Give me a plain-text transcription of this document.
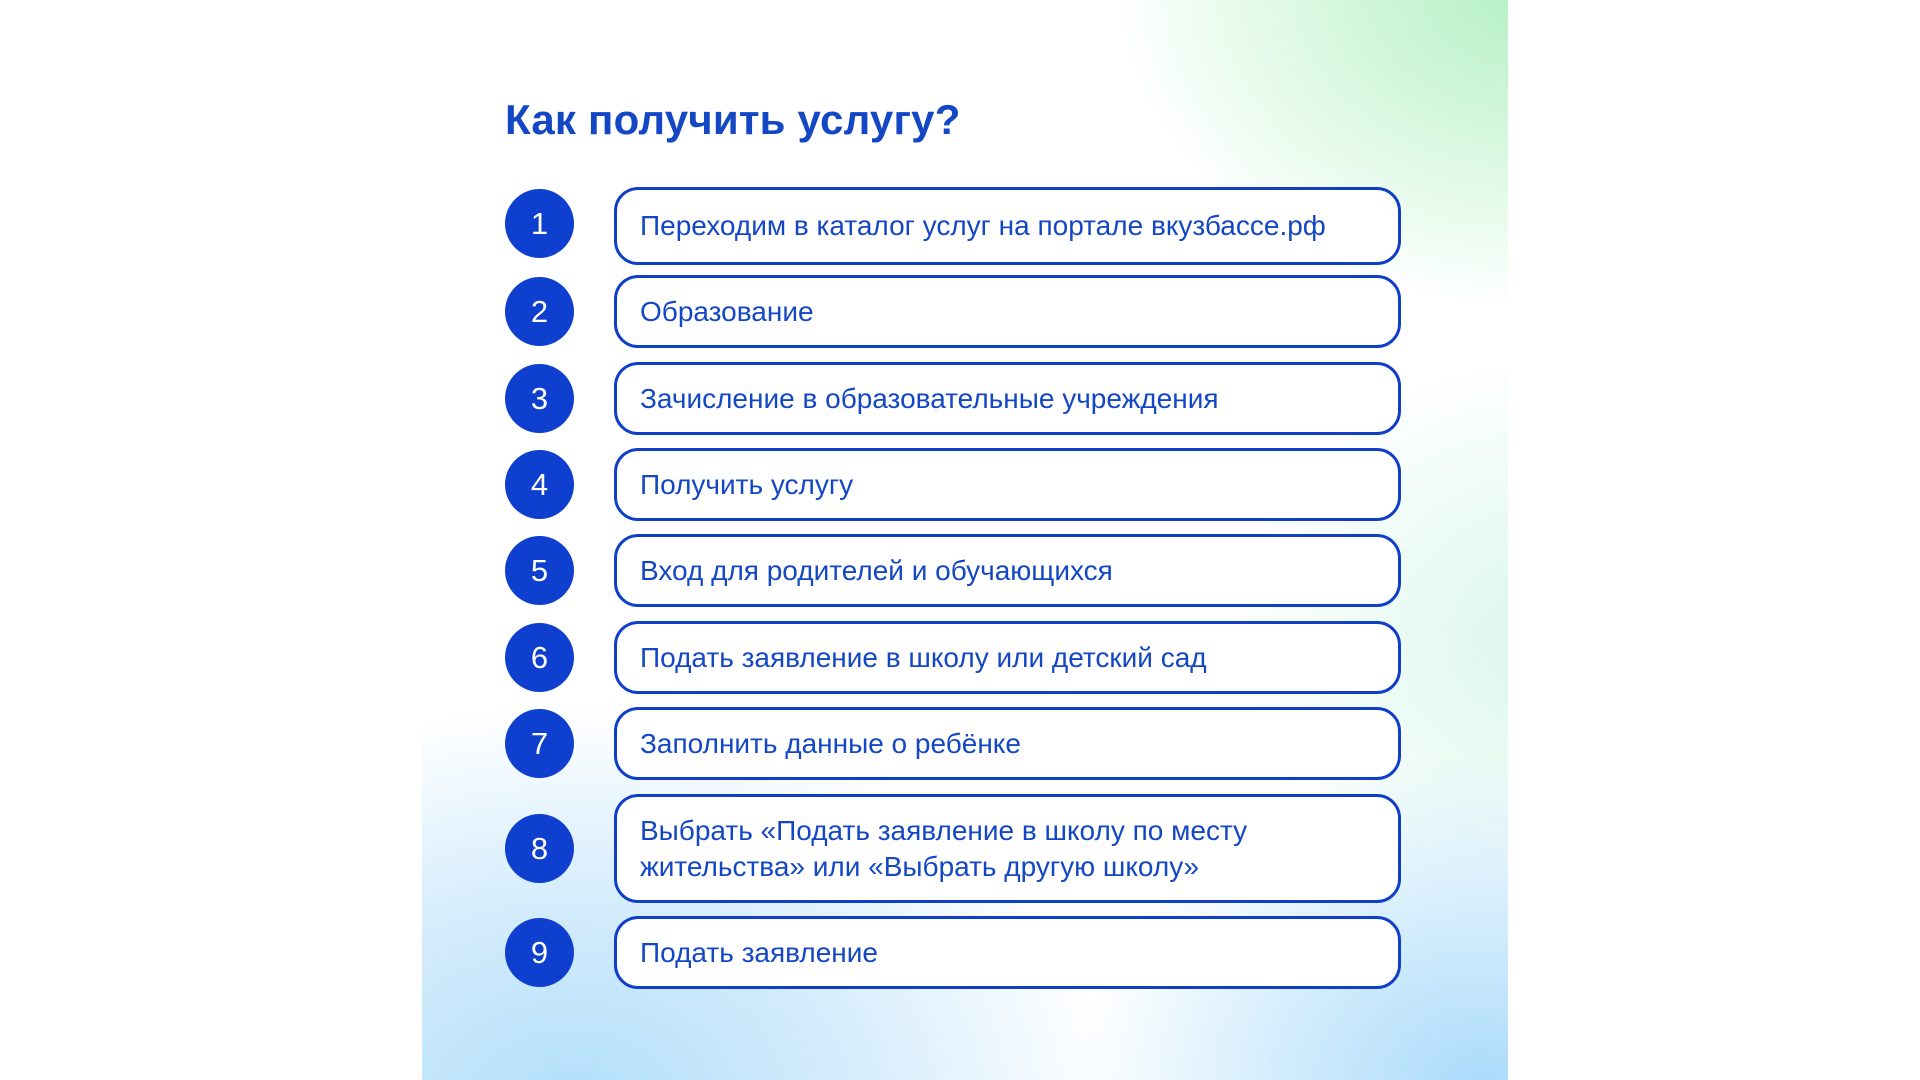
Как получить услугу?
1	Переходим в каталог услуг на портале вкузбассе.рф
2	Образование
3	Зачисление в образовательные учреждения
4	Получить услугу
5	Вход для родителей и обучающихся
6	Подать заявление в школу или детский сад
7	Заполнить данные о ребёнке
8
Выбрать «Подать заявление в школу по месту
жительства» или «Выбрать другую школу»
9	Подать заявление
